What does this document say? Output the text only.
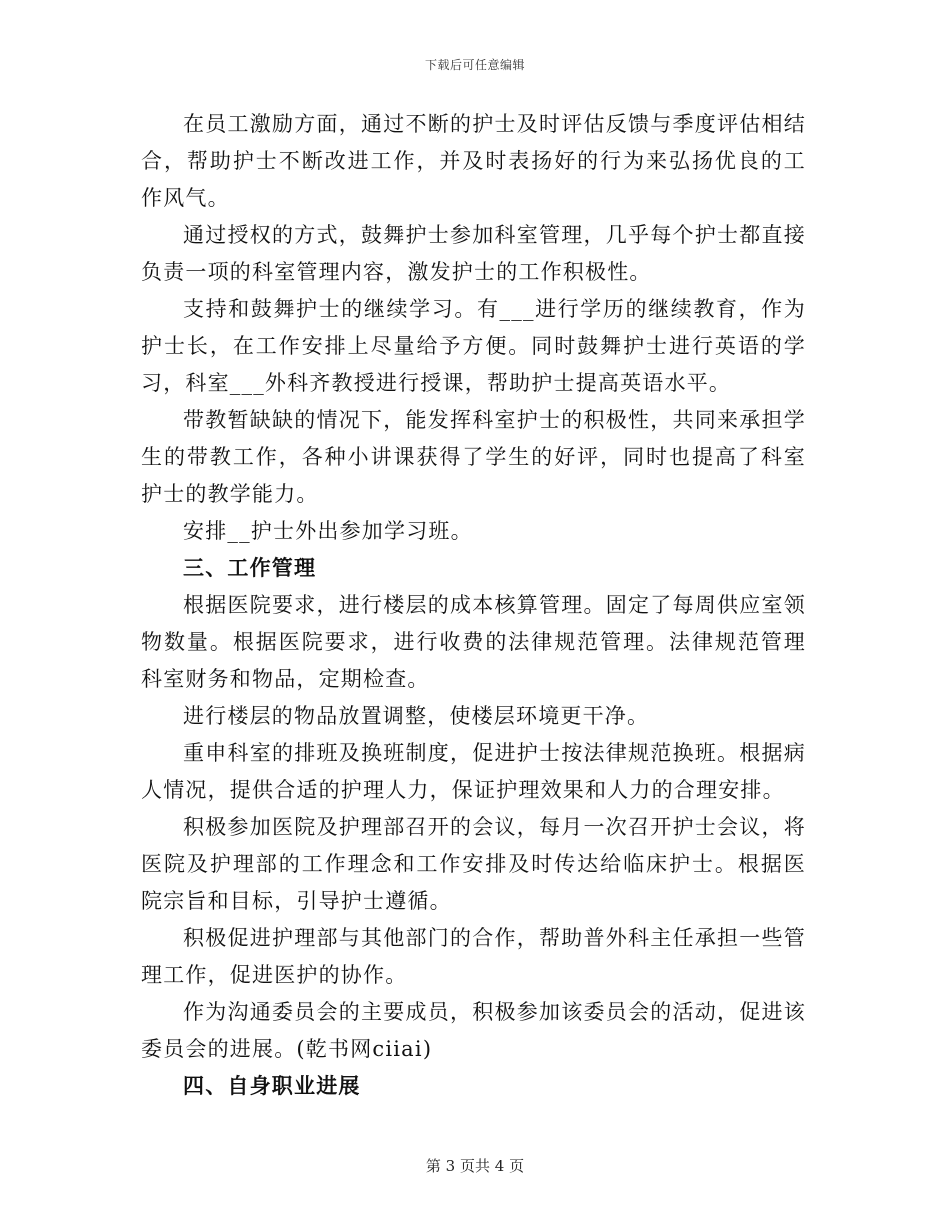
下载后可任意编辑

在员工激励方面，通过不断的护士及时评估反馈与季度评估相结合，帮助护士不断改进工作，并及时表扬好的行为来弘扬优良的工作风气。

通过授权的方式，鼓舞护士参加科室管理，几乎每个护士都直接负责一项的科室管理内容，激发护士的工作积极性。

支持和鼓舞护士的继续学习。有___进行学历的继续教育，作为护士长，在工作安排上尽量给予方便。同时鼓舞护士进行英语的学习，科室___外科齐教授进行授课，帮助护士提高英语水平。

带教暂缺缺的情况下，能发挥科室护士的积极性，共同来承担学生的带教工作，各种小讲课获得了学生的好评，同时也提高了科室护士的教学能力。

安排__护士外出参加学习班。

三、工作管理

根据医院要求，进行楼层的成本核算管理。固定了每周供应室领物数量。根据医院要求，进行收费的法律规范管理。法律规范管理科室财务和物品，定期检查。

进行楼层的物品放置调整，使楼层环境更干净。

重申科室的排班及换班制度，促进护士按法律规范换班。根据病人情况，提供合适的护理人力，保证护理效果和人力的合理安排。

积极参加医院及护理部召开的会议，每月一次召开护士会议，将医院及护理部的工作理念和工作安排及时传达给临床护士。根据医院宗旨和目标，引导护士遵循。

积极促进护理部与其他部门的合作，帮助普外科主任承担一些管理工作，促进医护的协作。

作为沟通委员会的主要成员，积极参加该委员会的活动，促进该委员会的进展。(乾书网ciiai)

四、自身职业进展

第 3 页共 4 页
